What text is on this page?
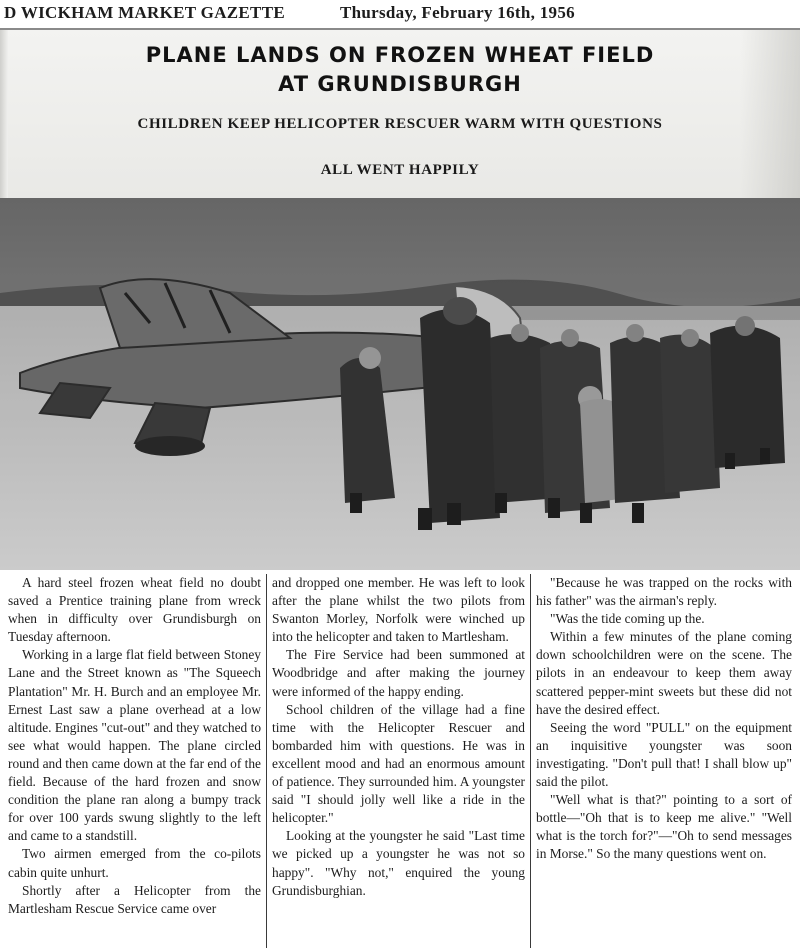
D WICKHAM MARKET GAZETTE	Thursday, February 16th, 1956
PLANE LANDS ON FROZEN WHEAT FIELD
AT GRUNDISBURGH
CHILDREN KEEP HELICOPTER RESCUER WARM WITH QUESTIONS
ALL WENT HAPPILY

A hard steel frozen wheat field no doubt saved a Prentice training plane from wreck when in difficulty over Grundisburgh on Tuesday afternoon.

Working in a large flat field between Stoney Lane and the Street known as "The Squeech Plantation" Mr. H. Burch and an employee Mr. Ernest Last saw a plane overhead at a low altitude. Engines "cut-out" and they watched to see what would happen. The plane circled round and then came down at the far end of the field. Because of the hard frozen and snow condition the plane ran along a bumpy track for over 100 yards swung slightly to the left and came to a standstill.

Two airmen emerged from the co-pilots cabin quite unhurt.

Shortly after a Helicopter from the Martlesham Rescue Service came over

and dropped one member. He was left to look after the plane whilst the two pilots from Swanton Morley, Norfolk were winched up into the helicopter and taken to Martlesham.

The Fire Service had been summoned at Woodbridge and after making the journey were informed of the happy ending.

School children of the village had a fine time with the Helicopter Rescuer and bombarded him with questions. He was in excellent mood and had an enormous amount of patience. They surrounded him. A youngster said "I should jolly well like a ride in the helicopter."

Looking at the youngster he said "Last time we picked up a youngster he was not so happy". "Why not," enquired the young Grundisburghian.

"Because he was trapped on the rocks with his father" was the airman's reply.

"Was the tide coming up the.

Within a few minutes of the plane coming down schoolchildren were on the scene. The pilots in an endeavour to keep them away scattered pepper-mint sweets but these did not have the desired effect.

Seeing the word "PULL" on the equipment an inquisitive youngster was soon investigating. "Don't pull that! I shall blow up" said the pilot.

"Well what is that?" pointing to a sort of bottle—"Oh that is to keep me alive." "Well what is the torch for?"—"Oh to send messages in Morse." So the many questions went on.
